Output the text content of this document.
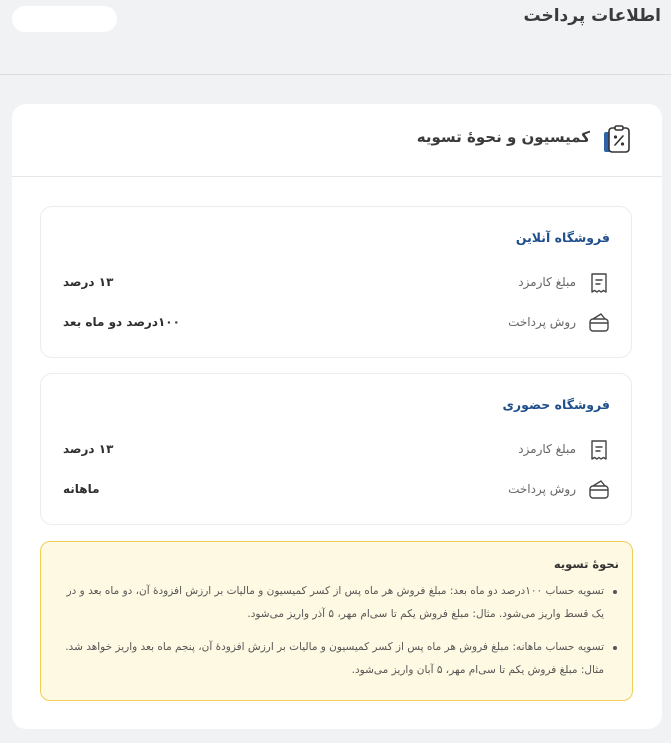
اطلاعات پرداخت
کمیسیون و نحوهٔ تسویه
فروشگاه آنلاین
مبلغ کارمزد
۱۳ درصد
روش پرداخت
۱۰۰درصد دو ماه بعد
فروشگاه حضوری
مبلغ کارمزد
۱۳ درصد
روش پرداخت
ماهانه
نحوهٔ تسویه
تسویه حساب ۱۰۰درصد دو ماه بعد: مبلغ فروش هر ماه پس از کسر کمیسیون و مالیات بر ارزش افزودهٔ آن، دو ماه بعد و در یک قسط واریز می‌شود. مثال: مبلغ فروش یکم تا سی‌ام مهر، ۵ آذر واریز می‌شود.
تسویه حساب ماهانه: مبلغ فروش هر ماه پس از کسر کمیسیون و مالیات بر ارزش افزودهٔ آن، پنجم ماه بعد واریز خواهد شد. مثال: مبلغ فروش یکم تا سی‌ام مهر، ۵ آبان واریز می‌شود.
